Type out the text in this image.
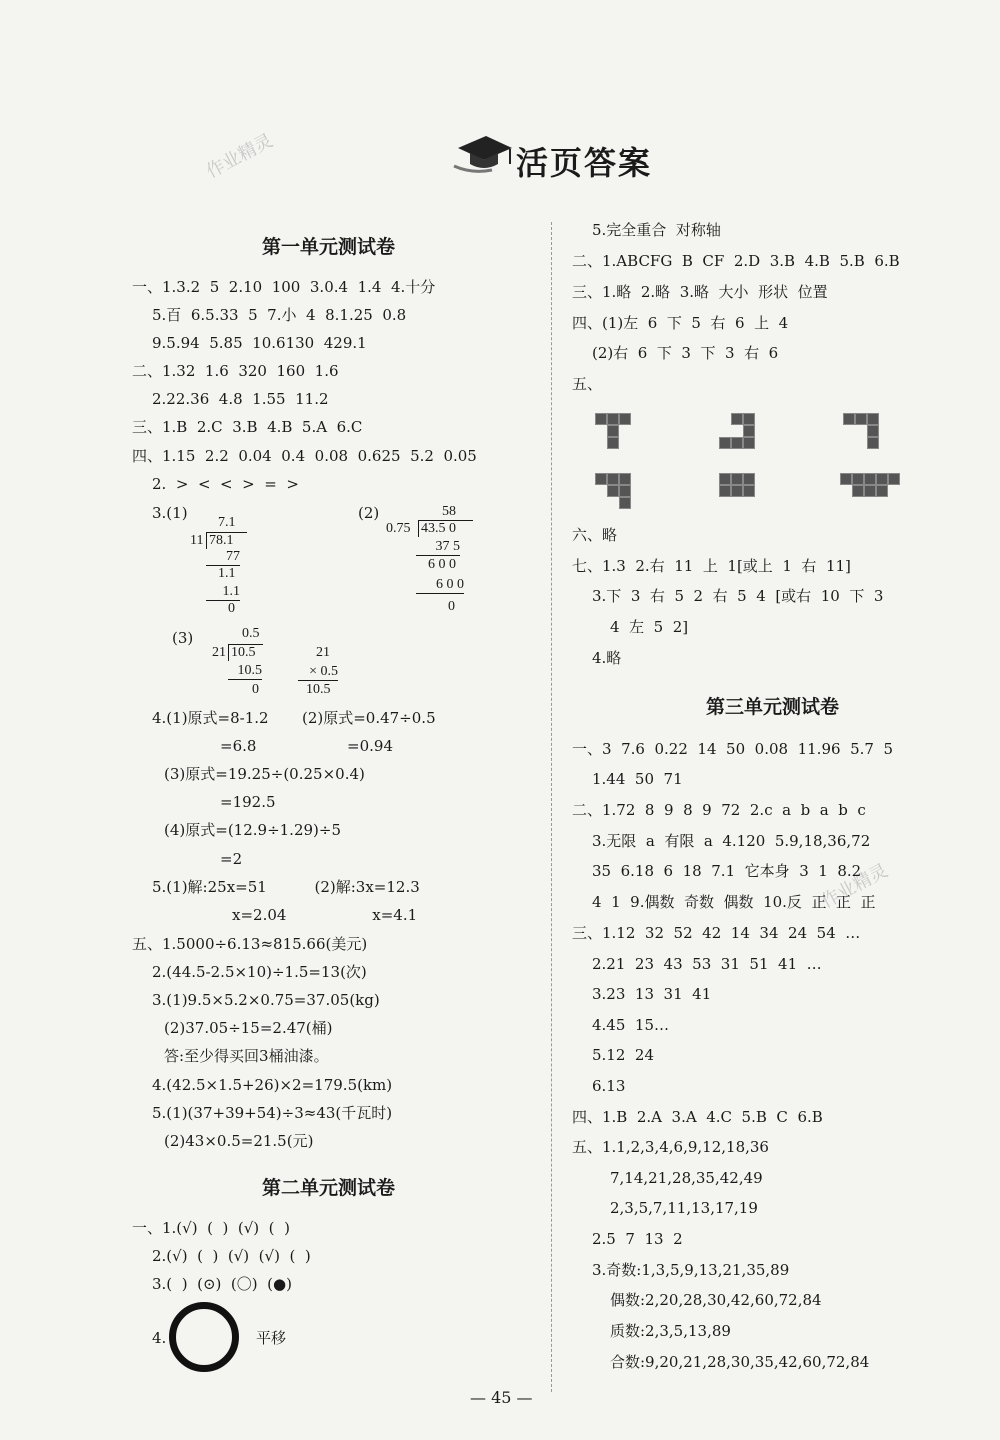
活页答案
作业精灵
作业精灵
第一单元测试卷
一、1.3.2  5  2.10  100  3.0.4  1.4  4.十分
5.百  6.5.33  5  7.小  4  8.1.25  0.8
9.5.94  5.85  10.6130  429.1
二、1.32  1.6  320  160  1.6
2.22.36  4.8  1.55  11.2
三、1.B  2.C  3.B  4.B  5.A  6.C
四、1.15  2.2  0.04  0.4  0.08  0.625  5.2  0.05
2.  >  <  <  >  =  >
3.(1)	(2)
7.1
11 78.1
77
1.1
1.1
0
58
0.75 43.5 0
37 5
6 0 0
6 0 0
0
(3)	0.5
21 10.5
10.5
0
21
× 0.5
10.5
4.(1)原式=8-1.2       (2)原式=0.47÷0.5
=6.8                   =0.94
(3)原式=19.25÷(0.25×0.4)
=192.5
(4)原式=(12.9÷1.29)÷5
=2
5.(1)解:25x=51          (2)解:3x=12.3
x=2.04                  x=4.1
五、1.5000÷6.13≈815.66(美元)
2.(44.5-2.5×10)÷1.5=13(次)
3.(1)9.5×5.2×0.75=37.05(kg)
(2)37.05÷15=2.47(桶)
答:至少得买回3桶油漆。
4.(42.5×1.5+26)×2=179.5(km)
5.(1)(37+39+54)÷3≈43(千瓦时)
(2)43×0.5=21.5(元)
第二单元测试卷
一、1.(√)  (  )  (√)  (  )
2.(√)  (  )  (√)  (√)  (  )
3.(  )  (⊙)  (〇)  (●)
4.	平移
5.完全重合  对称轴
二、1.ABCFG  B  CF  2.D  3.B  4.B  5.B  6.B
三、1.略  2.略  3.略  大小  形状  位置
四、(1)左  6  下  5  右  6  上  4
(2)右  6  下  3  下  3  右  6
五、
六、略
七、1.3  2.右  11  上  1[或上  1  右  11]
3.下  3  右  5  2  右  5  4  [或右  10  下  3
4  左  5  2]
4.略
第三单元测试卷
一、3  7.6  0.22  14  50  0.08  11.96  5.7  5
1.44  50  71
二、1.72  8  9  8  9  72  2.c  a  b  a  b  c
3.无限  a  有限  a  4.120  5.9,18,36,72
35  6.18  6  18  7.1  它本身  3  1  8.2
4  1  9.偶数  奇数  偶数  10.反  正  正  正
三、1.12  32  52  42  14  34  24  54  …
2.21  23  43  53  31  51  41  …
3.23  13  31  41
4.45  15…
5.12  24
6.13
四、1.B  2.A  3.A  4.C  5.B  C  6.B
五、1.1,2,3,4,6,9,12,18,36
7,14,21,28,35,42,49
2,3,5,7,11,13,17,19
2.5  7  13  2
3.奇数:1,3,5,9,13,21,35,89
偶数:2,20,28,30,42,60,72,84
质数:2,3,5,13,89
合数:9,20,21,28,30,35,42,60,72,84
— 45 —
